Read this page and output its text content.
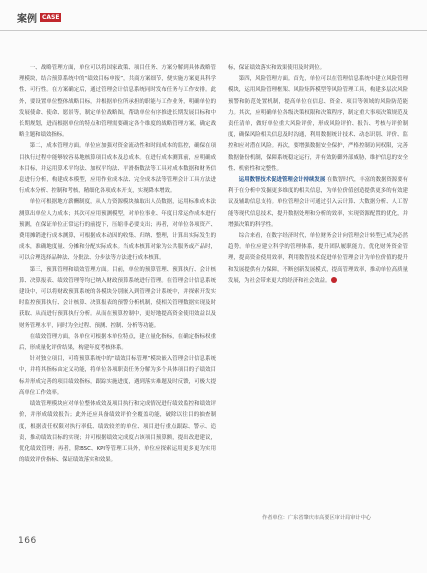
案例 CASE

一、战略管理方面，单位可以将国家政策、项目任务、方案分解到具体战略管理模块，结合预算系统中的“绩效目标申报”，共商方案细节，便实施方案更具科学性、可行性。在方案确定后，通过管理会计信息系统同时发布任务与工作安排。此外，要设置单位整体战略目标，并根据单位所承担的职能与工作业务，明确单位的发展使命、使命、愿景等，制定单位战略图，帮助单位有序推进长期发展目标和中长期规划，进而根据单位的特点和管理需要确定各个维度的战略管理方案，确定战略主题和绩效指标。

第二，成本管理方面。单位应加强对资金流动性和时间成本的监控，确保在项目执行过程中能够较容易地核算项目成本及总成本。在进行成本测算前，应明确成本目标，并运用算术平均法、加权平均法、平滑指数法等工具对成本数据和财务信息进行分析，构建成本模型，应用作业成本法、完全成本法等管理会计工具方法进行成本分析、控制和考核，精细化各项成本开支，实现降本增效。

单位可根据地方薪酬制度，从人力资源模块抽取出人员数据，运用标准成本法测算出单位人力成本；其次可应用预测模型，对单位事业、年度日常运作成本进行预测，在保证单位正常运行的前提下，压缩非必要支出；再者，对单位各项资产、费用摊销进行成本测算，可根据成本动因的收集、归纳、整理，计算出实际发生的成本，准确地度量、分摊和分配实际成本。当成本核算对象为公共服务或产品时，可以合理选择品种法、分批法、分步法等方法进行成本核算。

第三，预算管理和绩效管理方面。目前，单位的预算管理、预算执行、会计核算、决算报表、绩效管理等均已纳入财政预算系统进行管理。在管理会计信息系统建设中，可以将财政预算系统的各模块分别嵌入到管理会计系统中，并探索开发实时监控预算执行、会计核算、决算报表的预警分析机制，使相关管理数据实现及时获取、从而进行预算执行分析。从而在预算控制中，更好地提高资金使用效益以及财务管理水平，同时为全过程、预测、控制、分析等功能。

在绩效管理方面，各单位可根据本单位特点，建立量化指标，在确定指标权重后，形成量化评价结果，构建年度考核体系。

针对独立项目，可将预算系统中的“绩效目标管理”模块嵌入管理会计信息系统中，并将其指标由定义功能，将单位各项职责任务分解为多个具体项目的子绩效目标并形成完善的项目绩效指标，跟踪实施进度，遇到落实难题及时反馈，可极大提高单位工作效率。

绩效管理模块应对单位整体成效及项目执行和完成情况进行绩效监控和绩效评价，并形成绩效报告；此外还应具备绩效评价全覆盖功能，破除以往目的抽查制度，根据责任权限对执行率低、绩效较差的单位、项目进行重点跟踪、警示、追责，推动绩效目标的实现；并可根据绩效完成度占该项目预算额，提出改进建议，优化绩效管理；再者，除BSC、KPI等管理工具外，单位应探索运用更多更为实用的绩效评价指标、保证绩效落实和效果。

标，保证绩效落实和效果使用及时到位。

第四，风险管理方面。首先，单位可以在管理信息系统中建立风险管理模块，运用风险管理框架、风险矩阵模型等风险管理工具，构建多层次风险预警和防范处置机制，提高单位在信息、资金、项目等领域的风险防范能力。其次，应明确单位各级决策权限和决策程序，制定重大事项决策规范及责任清单，做好单位重大风险评价，形成风险评价、报告、考核与评价制度，确保风险相关信息及时沟通，利用数据统计技术、动态识别、评价、监控和应对潜在风险。再次，要增强数据安全保护，严格控制访问权限，完善数据备份机制，保障系统稳定运行，并有效防御外部威胁，维护信息的安全性、机密性和完整性。

运用数智技术促进管理会计持续发展 在数智时代，丰富的数据资源要有利于在分析中发掘更多维度的相关信息，为单位价值创造提供更多的有效建议及辅助信息支持。单位管理会计可通过引入云计算、大数据分析、人工智能等现代信息技术，提升数据处理和分析的效率，实现资源配置的优化，并增强决策的科学性。

综合来看，在数字经济时代，单位财务会计向管理会计转型已成为必然趋势。单位应建立科学的管理体系，提升团队履职能力，优化财务资金管理，提高资金使用效率，利用数智技术促进单位管理会计为单位价值的提升和发展提供有力保障，不断创新发展模式，提高管理效率，推动单位高质量发展，为社会带来更大的经济和社会效益。

作者单位：广东省肇庆市高要区审计局审计中心
166
